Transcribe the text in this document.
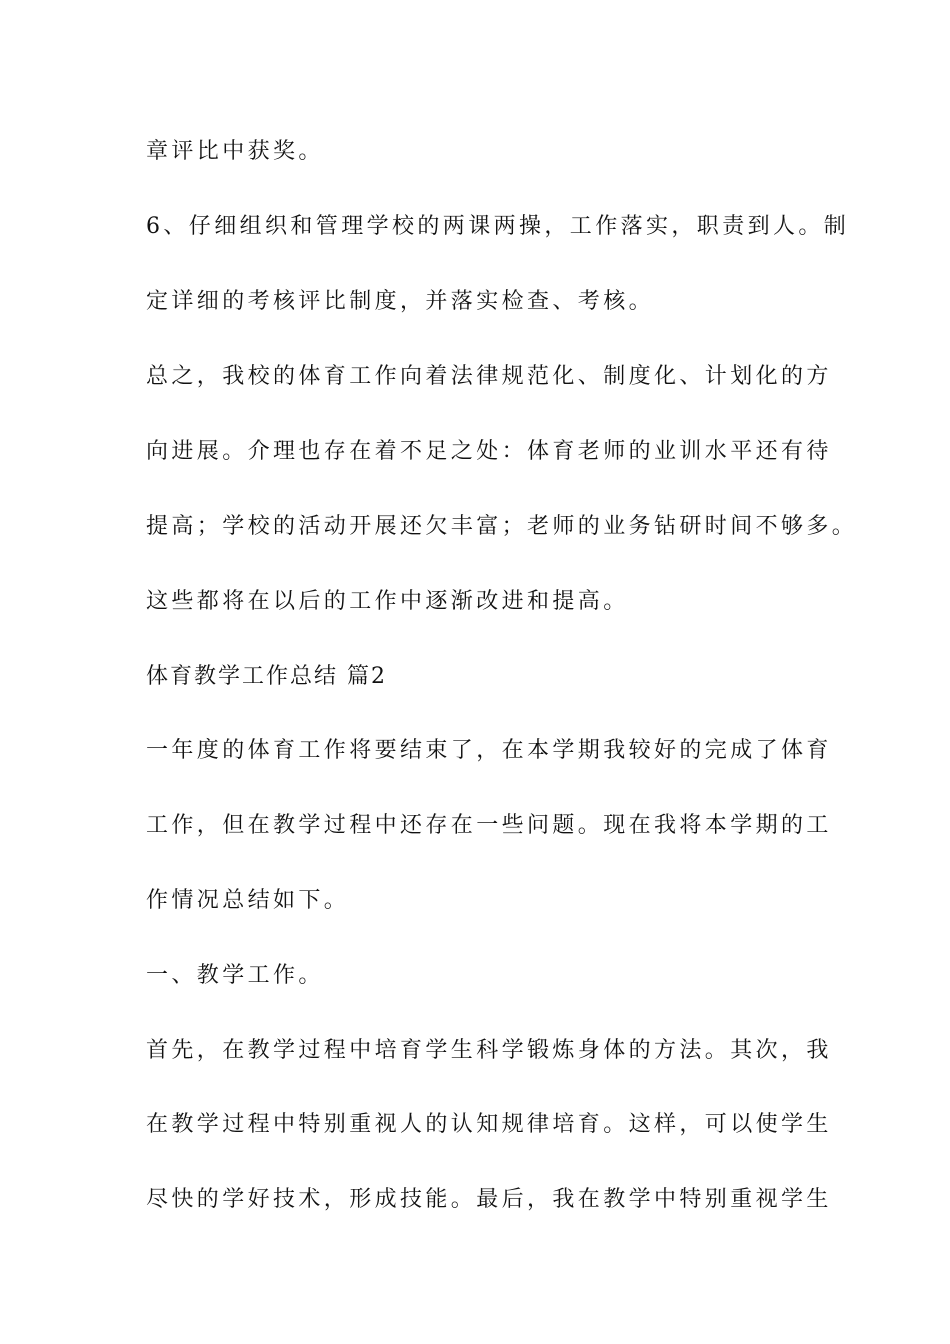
章评比中获奖。
6、仔细组织和管理学校的两课两操，工作落实，职责到人。制
定详细的考核评比制度，并落实检查、考核。
总之，我校的体育工作向着法律规范化、制度化、计划化的方
向进展。介理也存在着不足之处：体育老师的业训水平还有待
提高；学校的活动开展还欠丰富；老师的业务钻研时间不够多。
这些都将在以后的工作中逐渐改进和提高。
体育教学工作总结 篇2
一年度的体育工作将要结束了，在本学期我较好的完成了体育
工作，但在教学过程中还存在一些问题。现在我将本学期的工
作情况总结如下。
一、教学工作。
首先，在教学过程中培育学生科学锻炼身体的方法。其次，我
在教学过程中特别重视人的认知规律培育。这样，可以使学生
尽快的学好技术，形成技能。最后，我在教学中特别重视学生
